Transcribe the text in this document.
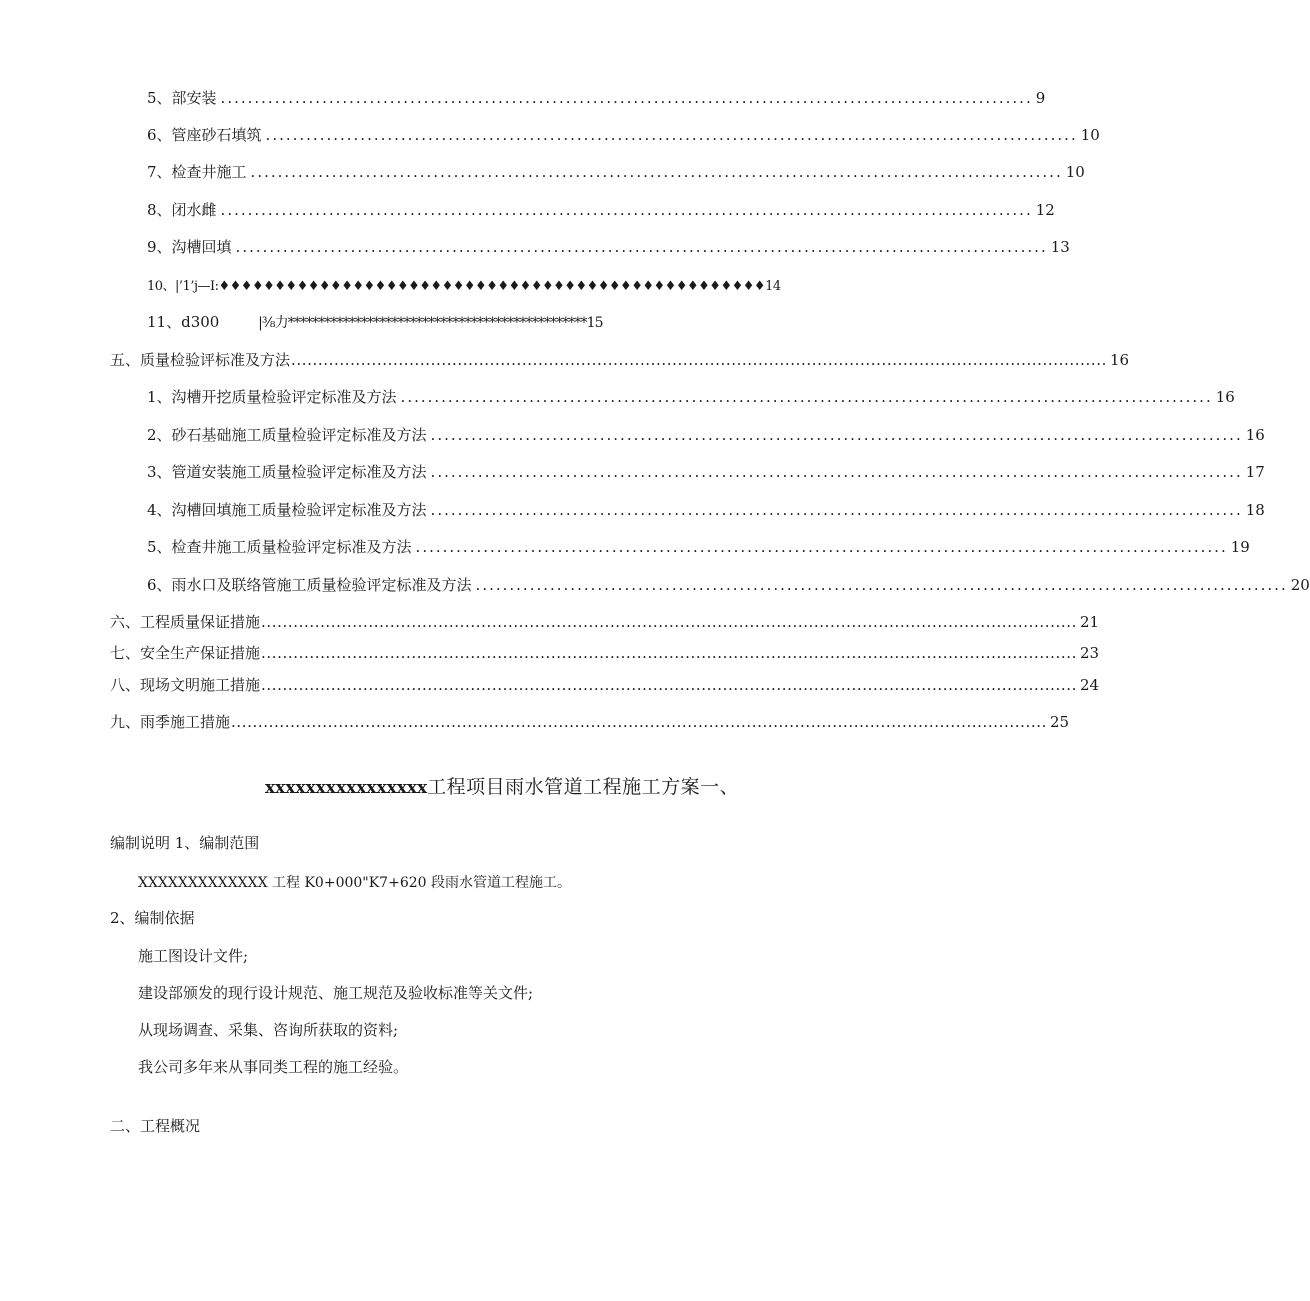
5、部安装 ........................................................................................................................ 9
6、管座砂石填筑 ........................................................................................................................ 10
7、检查井施工 ........................................................................................................................ 10
8、闭水雌 ........................................................................................................................ 12
9、沟槽回填 ........................................................................................................................ 13
10、|’1’j—I:♦♦♦♦♦♦♦♦♦♦♦♦♦♦♦♦♦♦♦♦♦♦♦♦♦♦♦♦♦♦♦♦♦♦♦♦♦♦♦♦♦♦♦♦♦♦♦♦♦14
11、d300	|⅜力*************************************************15
五、质量检验评标准及方法 ........................................................................................................................................................ 16
1、沟槽开挖质量检验评定标准及方法 ........................................................................................................................ 16
2、砂石基础施工质量检验评定标准及方法 ........................................................................................................................ 16
3、管道安装施工质量检验评定标准及方法 ........................................................................................................................ 17
4、沟槽回填施工质量检验评定标准及方法 ........................................................................................................................ 18
5、检查井施工质量检验评定标准及方法 ........................................................................................................................ 19
6、雨水口及联络管施工质量检验评定标准及方法 ........................................................................................................................ 20
六、工程质量保证措施 ........................................................................................................................................................ 21
七、安全生产保证措施 ........................................................................................................................................................ 23
八、现场文明施工措施 ........................................................................................................................................................ 24
九、雨季施工措施 ........................................................................................................................................................ 25
xxxxxxxxxxxxxxxx工程项目雨水管道工程施工方案一、
编制说明 1、编制范围
XXXXXXXXXXXXX 工程 K0+000"K7+620 段雨水管道工程施工。
2、编制依据
施工图设计文件;
建设部颁发的现行设计规范、施工规范及验收标准等关文件;
从现场调查、采集、咨询所获取的资料;
我公司多年来从事同类工程的施工经验。
二、工程概况
